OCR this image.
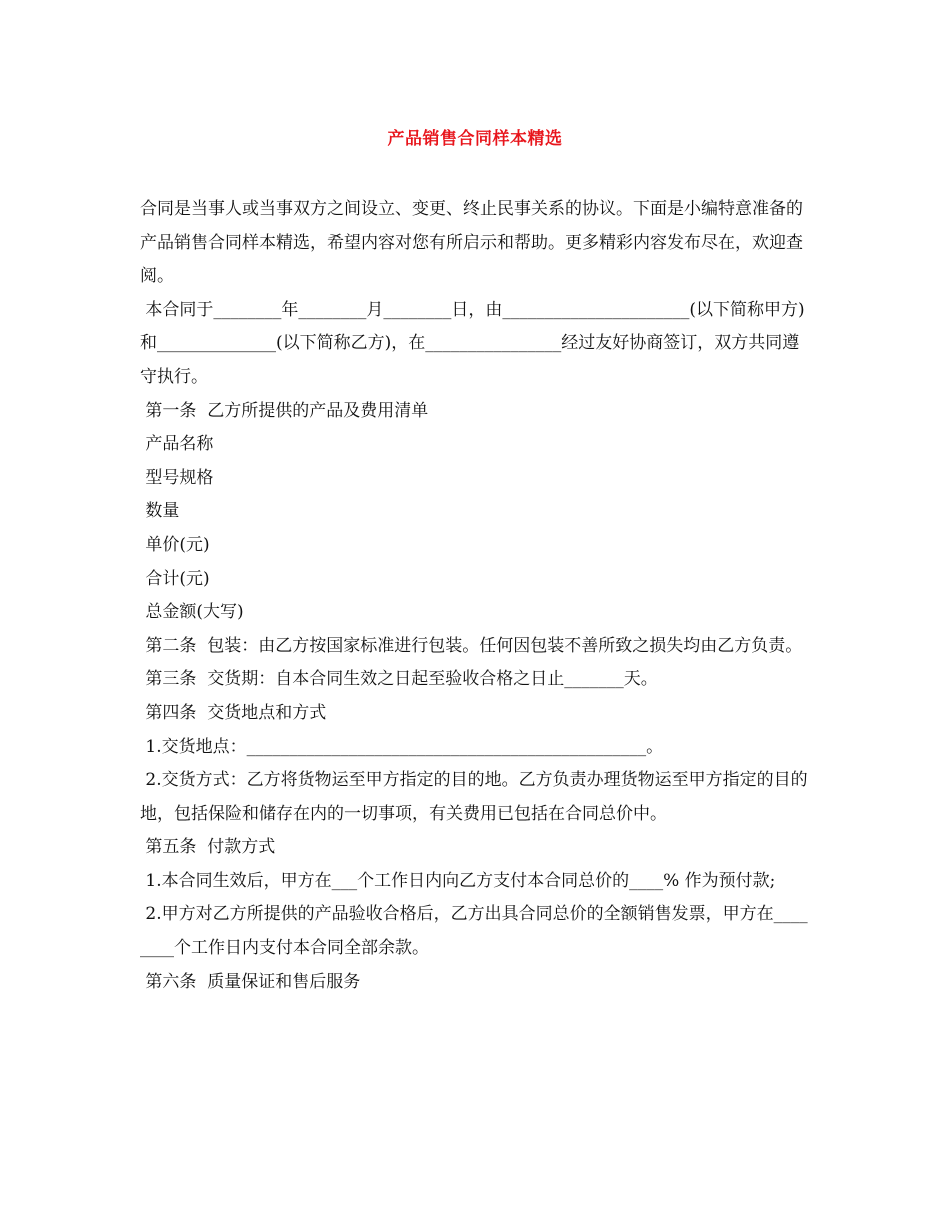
产品销售合同样本精选

合同是当事人或当事双方之间设立、变更、终止民事关系的协议。下面是小编特意准备的产品销售合同样本精选，希望内容对您有所启示和帮助。更多精彩内容发布尽在，欢迎查阅。

本合同于________年________月________日，由______________________(以下简称甲方)和______________(以下简称乙方)，在________________经过友好协商签订，双方共同遵守执行。

第一条  乙方所提供的产品及费用清单

产品名称

型号规格

数量

单价(元)

合计(元)

总金额(大写)

第二条  包装：由乙方按国家标准进行包装。任何因包装不善所致之损失均由乙方负责。

第三条  交货期：自本合同生效之日起至验收合格之日止_______天。

第四条  交货地点和方式

1.交货地点：_______________________________________________。

2.交货方式：乙方将货物运至甲方指定的目的地。乙方负责办理货物运至甲方指定的目的地，包括保险和储存在内的一切事项，有关费用已包括在合同总价中。

第五条  付款方式

1.本合同生效后，甲方在___个工作日内向乙方支付本合同总价的____% 作为预付款;

2.甲方对乙方所提供的产品验收合格后，乙方出具合同总价的全额销售发票，甲方在________个工作日内支付本合同全部余款。

第六条  质量保证和售后服务
